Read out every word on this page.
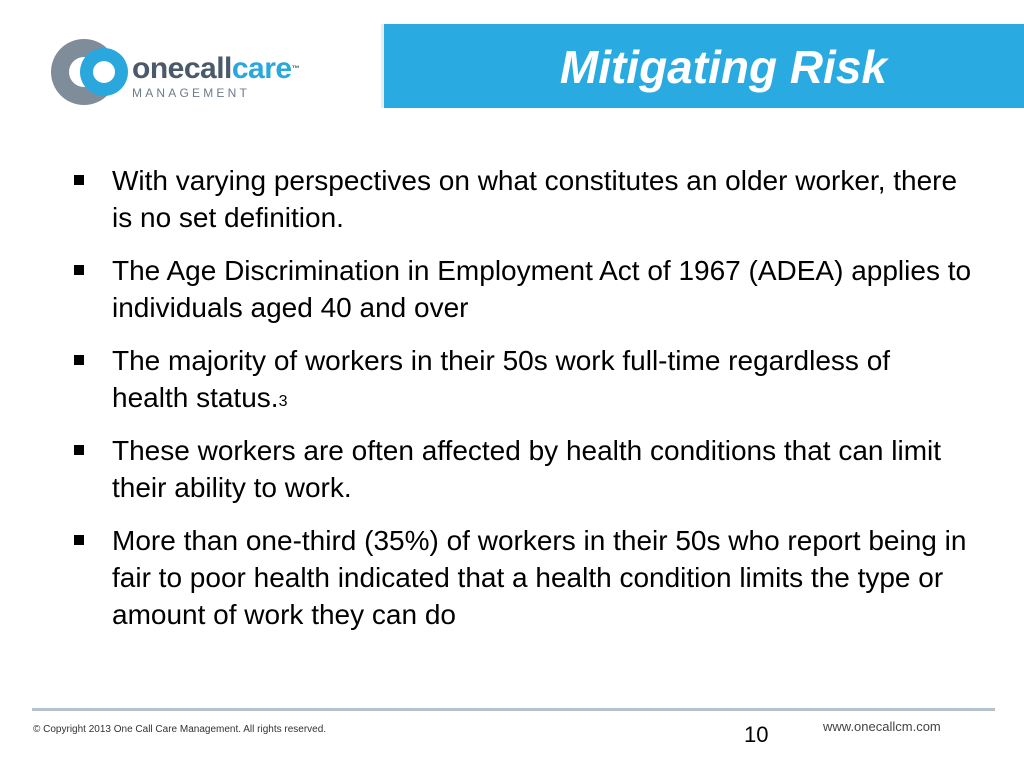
onecallcare™
MANAGEMENT	Mitigating Risk
With varying perspectives on what constitutes an older worker, there is no set definition.
The Age Discrimination in Employment Act of 1967 (ADEA) applies to individuals aged 40 and over
The majority of workers in their 50s work full-time regardless of health status.$^3$
These workers are often affected by health conditions that can limit their ability to work.
More than one-third (35%) of workers in their 50s who report being in fair to poor health indicated that a health condition limits the type or amount of work they can do
© Copyright 2013 One Call Care Management. All rights reserved.	10	www.onecallcm.com
